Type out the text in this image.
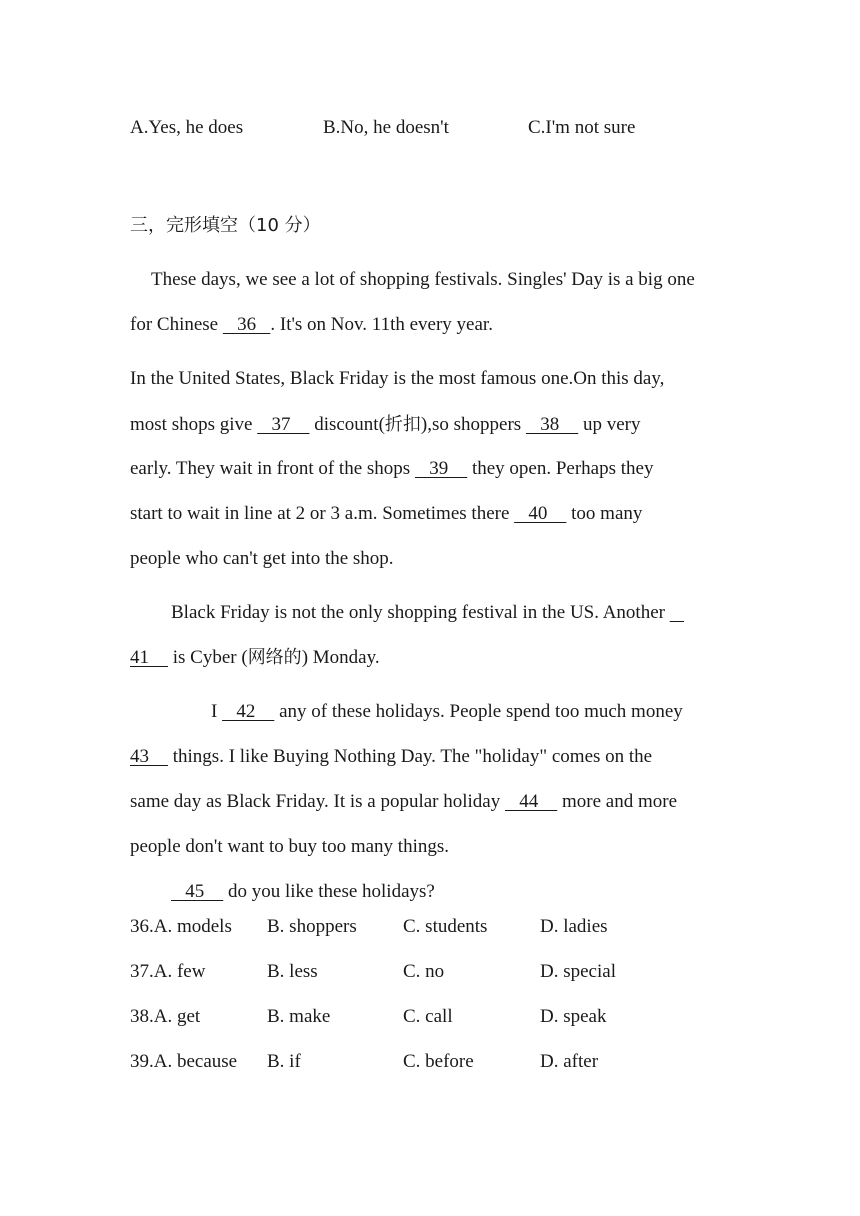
A.Yes, he does	B.No, he doesn't	C.I'm not sure
三，完形填空（10 分）
These days, we see a lot of shopping festivals. Singles' Day is a big one
for Chinese    36   . It's on Nov. 11th every year.
In the United States, Black Friday is the most famous one.On this day,
most shops give    37     discount(折扣),so shoppers    38     up very
early. They wait in front of the shops    39     they open. Perhaps they
start to wait in line at 2 or 3 a.m. Sometimes there    40     too many
people who can't get into the shop.
Black Friday is not the only shopping festival in the US. Another
41     is Cyber (网络的) Monday.
I    42     any of these holidays. People spend too much money
43     things. I like Buying Nothing Day. The "holiday" comes on the
same day as Black Friday. It is a popular holiday    44     more and more
people don't want to buy too many things.
45     do you like these holidays?
36.A. models B. shoppers C. students	D. ladies
37.A. few	B. less	C. no	D. special
38.A. get	B. make	C. call	D. speak
39.A. because B. if	C. before	D. after
